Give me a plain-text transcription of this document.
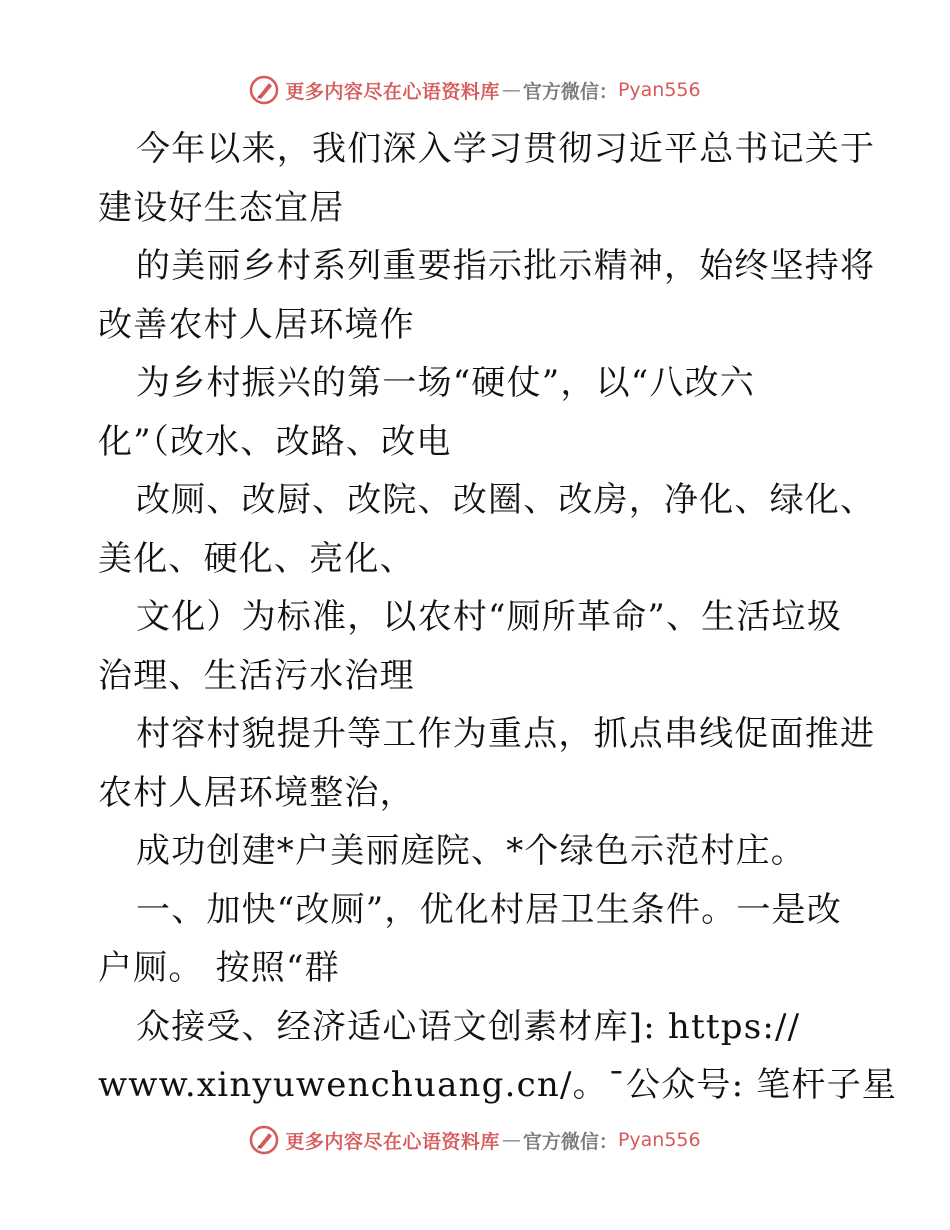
更多内容尽在心语资料库 — 官方微信： Pyan556
今年以来，我们深入学习贯彻习近平总书记关于
建设好生态宜居
的美丽乡村系列重要指示批示精神，始终坚持将
改善农村人居环境作
为乡村振兴的第一场“硬仗”，以“八改六
化”（改水、改路、改电
改厕、改厨、改院、改圈、改房，净化、绿化、
美化、硬化、亮化、
文化）为标准，以农村“厕所革命”、生活垃圾
治理、生活污水治理
村容村貌提升等工作为重点，抓点串线促面推进
农村人居环境整治，
成功创建*户美丽庭院、*个绿色示范村庄。
一、加快“改厕”，优化村居卫生条件。一是改
户厕。 按照“群
众接受、经济适心语文创素材库]: https://
www.xinyuwenchuang.cn/。¯公众号: 笔杆子星
更多内容尽在心语资料库 — 官方微信： Pyan556
